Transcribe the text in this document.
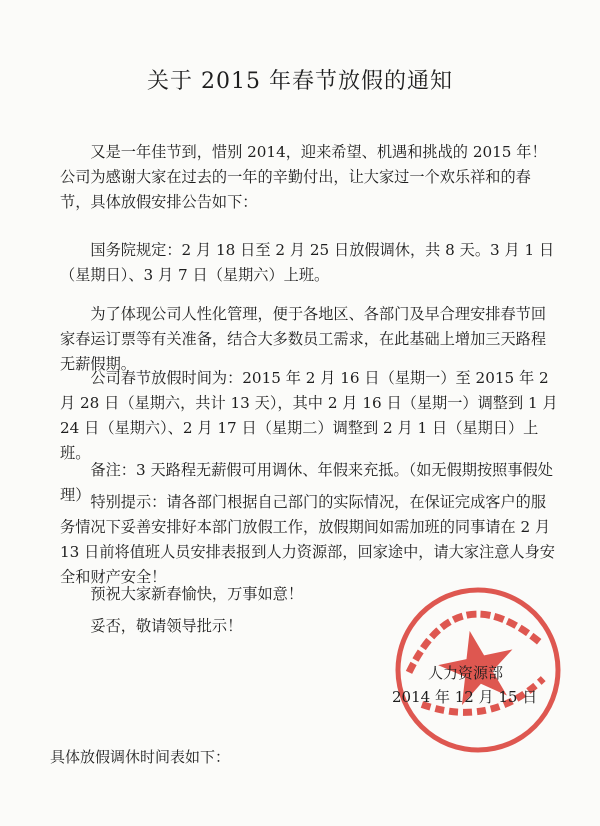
关于 2015 年春节放假的通知

又是一年佳节到，惜别 2014，迎来希望、机遇和挑战的 2015 年！公司为感谢大家在过去的一年的辛勤付出，让大家过一个欢乐祥和的春节，具体放假安排公告如下：

国务院规定：2 月 18 日至 2 月 25 日放假调休，共 8 天。3 月 1 日（星期日）、3 月 7 日（星期六）上班。

为了体现公司人性化管理，便于各地区、各部门及早合理安排春节回家春运订票等有关准备，结合大多数员工需求，在此基础上增加三天路程无薪假期。

公司春节放假时间为：2015 年 2 月 16 日（星期一）至 2015 年 2 月 28 日（星期六，共计 13 天），其中 2 月 16 日（星期一）调整到 1 月 24 日（星期六）、2 月 17 日（星期二）调整到 2 月 1 日（星期日）上班。

备注：3 天路程无薪假可用调休、年假来充抵。（如无假期按照事假处理） 特别提示：请各部门根据自己部门的实际情况，在保证完成客户的服务情况下妥善安排好本部门放假工作，放假期间如需加班的同事请在 2 月 13 日前将值班人员安排表报到人力资源部，回家途中，请大家注意人身安全和财产安全！

预祝大家新春愉快，万事如意！

妥否，敬请领导批示！

人力资源部
2014 年 12 月 15 日
具体放假调休时间表如下：
